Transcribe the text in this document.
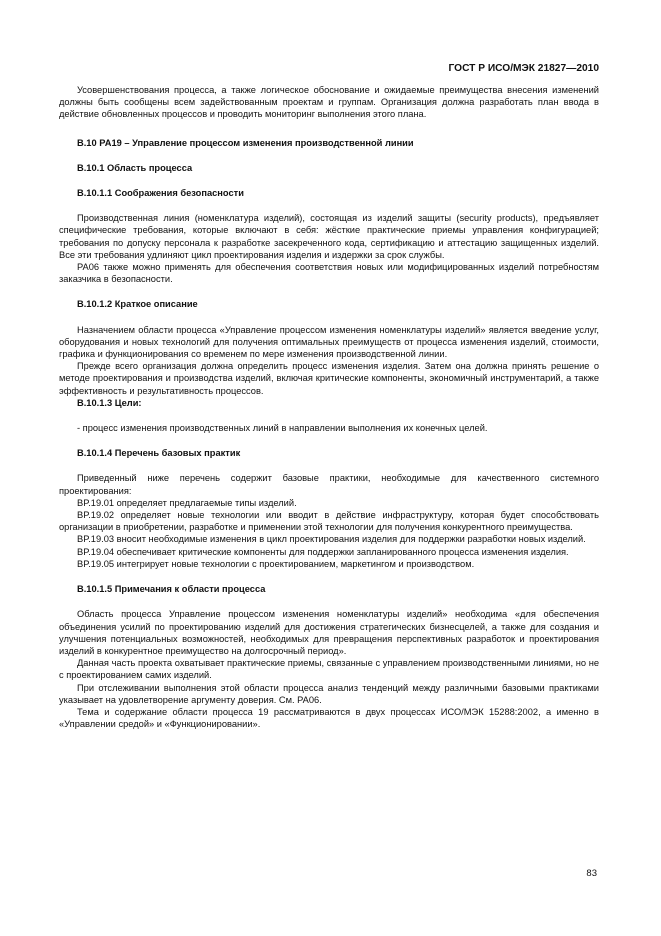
ГОСТ Р ИСО/МЭК 21827—2010

Усовершенствования процесса, а также логическое обоснование и ожидаемые преимущества внесения изменений должны быть сообщены всем задействованным проектам и группам. Организация должна разработать план ввода в действие обновленных процессов и проводить мониторинг выполнения этого плана.

B.10 PA19 – Управление процессом изменения производственной линии

B.10.1 Область процесса

B.10.1.1 Соображения безопасности

Производственная линия (номенклатура изделий), состоящая из изделий защиты (security products), предъявляет специфические требования, которые включают в себя: жёсткие практические приемы управления конфигурацией; требования по допуску персонала к разработке засекреченного кода, сертификацию и аттестацию защищенных изделий. Все эти требования удлиняют цикл проектирования изделия и издержки за срок службы.

PA06 также можно применять для обеспечения соответствия новых или модифицированных изделий потребностям заказчика в безопасности.

B.10.1.2 Краткое описание

Назначением области процесса «Управление процессом изменения номенклатуры изделий» является введение услуг, оборудования и новых технологий для получения оптимальных преимуществ от процесса изменения изделий, стоимости, графика и функционирования со временем по мере изменения производственной линии.

Прежде всего организация должна определить процесс изменения изделия. Затем она должна принять решение о методе проектирования и производства изделий, включая критические компоненты, экономичный инструментарий, а также эффективность и результативность процессов.

B.10.1.3 Цели:

- процесс изменения производственных линий в направлении выполнения их конечных целей.

B.10.1.4 Перечень базовых практик

Приведенный ниже перечень содержит базовые практики, необходимые для качественного системного проектирования:

BP.19.01 определяет предлагаемые типы изделий.

BP.19.02 определяет новые технологии или вводит в действие инфраструктуру, которая будет способствовать организации в приобретении, разработке и применении этой технологии для получения конкурентного преимущества.

BP.19.03 вносит необходимые изменения в цикл проектирования изделия для поддержки разработки новых изделий.

BP.19.04 обеспечивает критические компоненты для поддержки запланированного процесса изменения изделия.

BP.19.05 интегрирует новые технологии с проектированием, маркетингом и производством.

B.10.1.5 Примечания к области процесса

Область процесса Управление процессом изменения номенклатуры изделий» необходима «для обеспечения объединения усилий по проектированию изделий для достижения стратегических бизнесцелей, а также для создания и улучшения потенциальных возможностей, необходимых для превращения перспективных разработок и проектирования изделий в конкурентное преимущество на долгосрочный период».

Данная часть проекта охватывает практические приемы, связанные с управлением производственными линиями, но не с проектированием самих изделий.

При отслеживании выполнения этой области процесса анализ тенденций между различными базовыми практиками указывает на удовлетворение аргументу доверия. См. PA06.

Тема и содержание области процесса 19 рассматриваются в двух процессах ИСО/МЭК 15288:2002, а именно в «Управлении средой» и «Функционировании».

83
